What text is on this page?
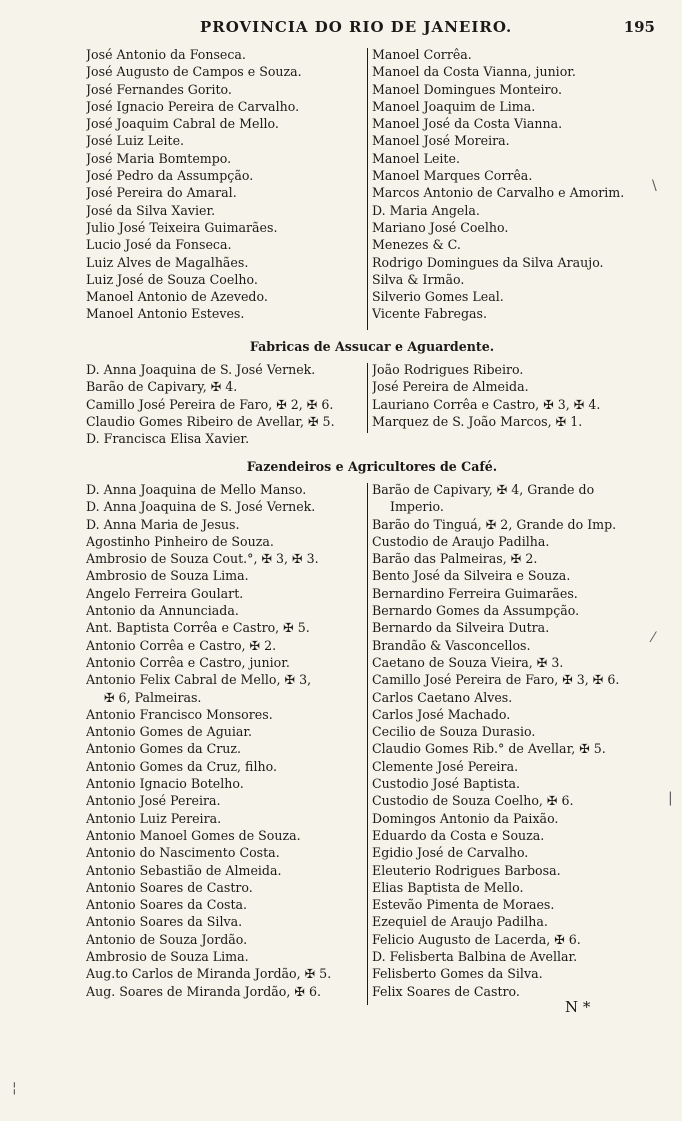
PROVINCIA DO RIO DE JANEIRO.	195
José Antonio da Fonseca.
José Augusto de Campos e Souza.
José Fernandes Gorito.
José Ignacio Pereira de Carvalho.
José Joaquim Cabral de Mello.
José Luiz Leite.
José Maria Bomtempo.
José Pedro da Assumpção.
José Pereira do Amaral.
José da Silva Xavier.
Julio José Teixeira Guimarães.
Lucio José da Fonseca.
Luiz Alves de Magalhães.
Luiz José de Souza Coelho.
Manoel Antonio de Azevedo.
Manoel Antonio Esteves.
Manoel Corrêa.
Manoel da Costa Vianna, junior.
Manoel Domingues Monteiro.
Manoel Joaquim de Lima.
Manoel José da Costa Vianna.
Manoel José Moreira.
Manoel Leite.
Manoel Marques Corrêa.
Marcos Antonio de Carvalho e Amorim.
D. Maria Angela.
Mariano José Coelho.
Menezes & C.
Rodrigo Domingues da Silva Araujo.
Silva & Irmão.
Silverio Gomes Leal.
Vicente Fabregas.
Fabricas de Assucar e Aguardente.
D. Anna Joaquina de S. José Vernek.
Barão de Capivary, ✠ 4.
Camillo José Pereira de Faro, ✠ 2, ✠ 6.
Claudio Gomes Ribeiro de Avellar, ✠ 5.
D. Francisca Elisa Xavier.
João Rodrigues Ribeiro.
José Pereira de Almeida.
Lauriano Corrêa e Castro, ✠ 3, ✠ 4.
Marquez de S. João Marcos, ✠ 1.
Fazendeiros e Agricultores de Café.
D. Anna Joaquina de Mello Manso.
D. Anna Joaquina de S. José Vernek.
D. Anna Maria de Jesus.
Agostinho Pinheiro de Souza.
Ambrosio de Souza Cout.°, ✠ 3, ✠ 3.
Ambrosio de Souza Lima.
Angelo Ferreira Goulart.
Antonio da Annunciada.
Ant. Baptista Corrêa e Castro, ✠ 5.
Antonio Corrêa e Castro, ✠ 2.
Antonio Corrêa e Castro, junior.
Antonio Felix Cabral de Mello, ✠ 3,
✠ 6, Palmeiras.
Antonio Francisco Monsores.
Antonio Gomes de Aguiar.
Antonio Gomes da Cruz.
Antonio Gomes da Cruz, filho.
Antonio Ignacio Botelho.
Antonio José Pereira.
Antonio Luiz Pereira.
Antonio Manoel Gomes de Souza.
Antonio do Nascimento Costa.
Antonio Sebastião de Almeida.
Antonio Soares de Castro.
Antonio Soares da Costa.
Antonio Soares da Silva.
Antonio de Souza Jordão.
Ambrosio de Souza Lima.
Aug.to Carlos de Miranda Jordão, ✠ 5.
Aug. Soares de Miranda Jordão, ✠ 6.
Barão de Capivary, ✠ 4, Grande do
Imperio.
Barão do Tinguá, ✠ 2, Grande do Imp.
Custodio de Araujo Padilha.
Barão das Palmeiras, ✠ 2.
Bento José da Silveira e Souza.
Bernardino Ferreira Guimarães.
Bernardo Gomes da Assumpção.
Bernardo da Silveira Dutra.
Brandão & Vasconcellos.
Caetano de Souza Vieira, ✠ 3.
Camillo José Pereira de Faro, ✠ 3, ✠ 6.
Carlos Caetano Alves.
Carlos José Machado.
Cecilio de Souza Durasio.
Claudio Gomes Rib.° de Avellar, ✠ 5.
Clemente José Pereira.
Custodio José Baptista.
Custodio de Souza Coelho, ✠ 6.
Domingos Antonio da Paixão.
Eduardo da Costa e Souza.
Egidio José de Carvalho.
Eleuterio Rodrigues Barbosa.
Elias Baptista de Mello.
Estevão Pimenta de Moraes.
Ezequiel de Araujo Padilha.
Felicio Augusto de Lacerda, ✠ 6.
D. Felisberta Balbina de Avellar.
Felisberto Gomes da Silva.
Felix Soares de Castro.
N *
\
⁄
|
¦
